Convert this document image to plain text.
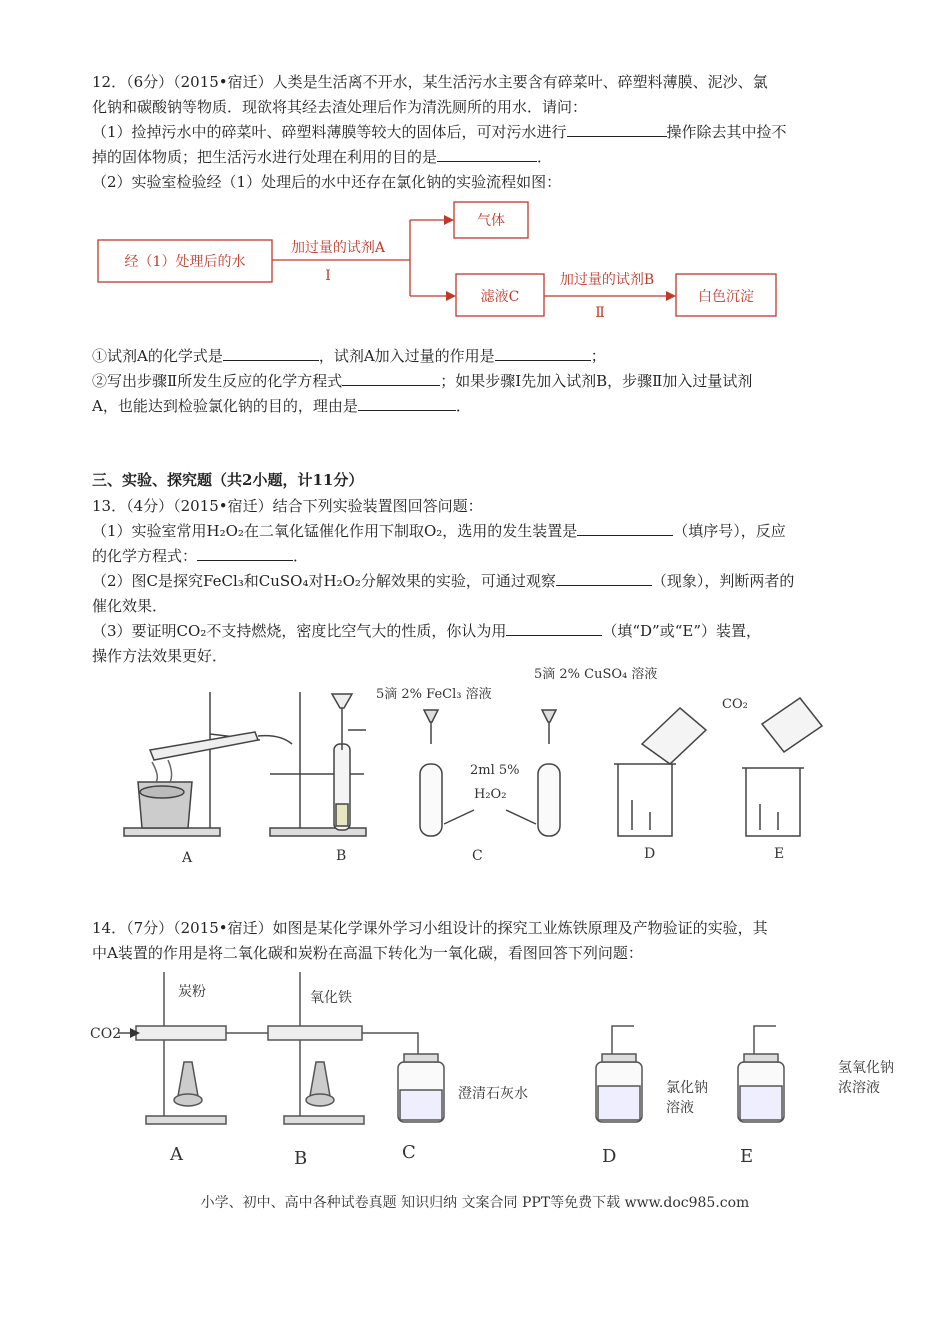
12．（6分）（2015•宿迁）人类是生活离不开水，某生活污水主要含有碎菜叶、碎塑料薄膜、泥沙、氯
化钠和碳酸钠等物质．现欲将其经去渣处理后作为清洗厕所的用水．请问：
（1）捡掉污水中的碎菜叶、碎塑料薄膜等较大的固体后，可对污水进行	操作除去其中捡不
掉的固体物质；把生活污水进行处理在利用的目的是	．
（2）实验室检验经（1）处理后的水中还存在氯化钠的实验流程如图：
经（1）处理后的水
加过量的试剂A
Ⅰ
气体
滤液C
加过量的试剂B
Ⅱ
白色沉淀
①试剂A的化学式是	，试剂A加入过量的作用是	；
②写出步骤Ⅱ所发生反应的化学方程式	；如果步骤Ⅰ先加入试剂B，步骤Ⅱ加入过量试剂
A，也能达到检验氯化钠的目的，理由是	．
三、实验、探究题（共2小题，计11分）
13．（4分）（2015•宿迁）结合下列实验装置图回答问题：
（1）实验室常用H₂O₂在二氧化锰催化作用下制取O₂，选用的发生装置是	（填序号），反应
的化学方程式：	．
（2）图C是探究FeCl₃和CuSO₄对H₂O₂分解效果的实验，可通过观察	（现象），判断两者的
催化效果．
（3）要证明CO₂不支持燃烧，密度比空气大的性质，你认为用	（填“D”或“E”）装置，
操作方法效果更好．
5滴 2% FeCl₃ 溶液
5滴 2% CuSO₄ 溶液
2ml 5%
H₂O₂
CO₂
A	B	C	D	E
14．（7分）（2015•宿迁）如图是某化学课外学习小组设计的探究工业炼铁原理及产物验证的实验，其
中A装置的作用是将二氧化碳和炭粉在高温下转化为一氧化碳，看图回答下列问题：
CO2
炭粉	氧化铁
澄清石灰水	氯化钠
溶液
氢氧化钠
浓溶液
A	B	C	D	E
小学、初中、高中各种试卷真题 知识归纳 文案合同 PPT等免费下载 www.doc985.com
